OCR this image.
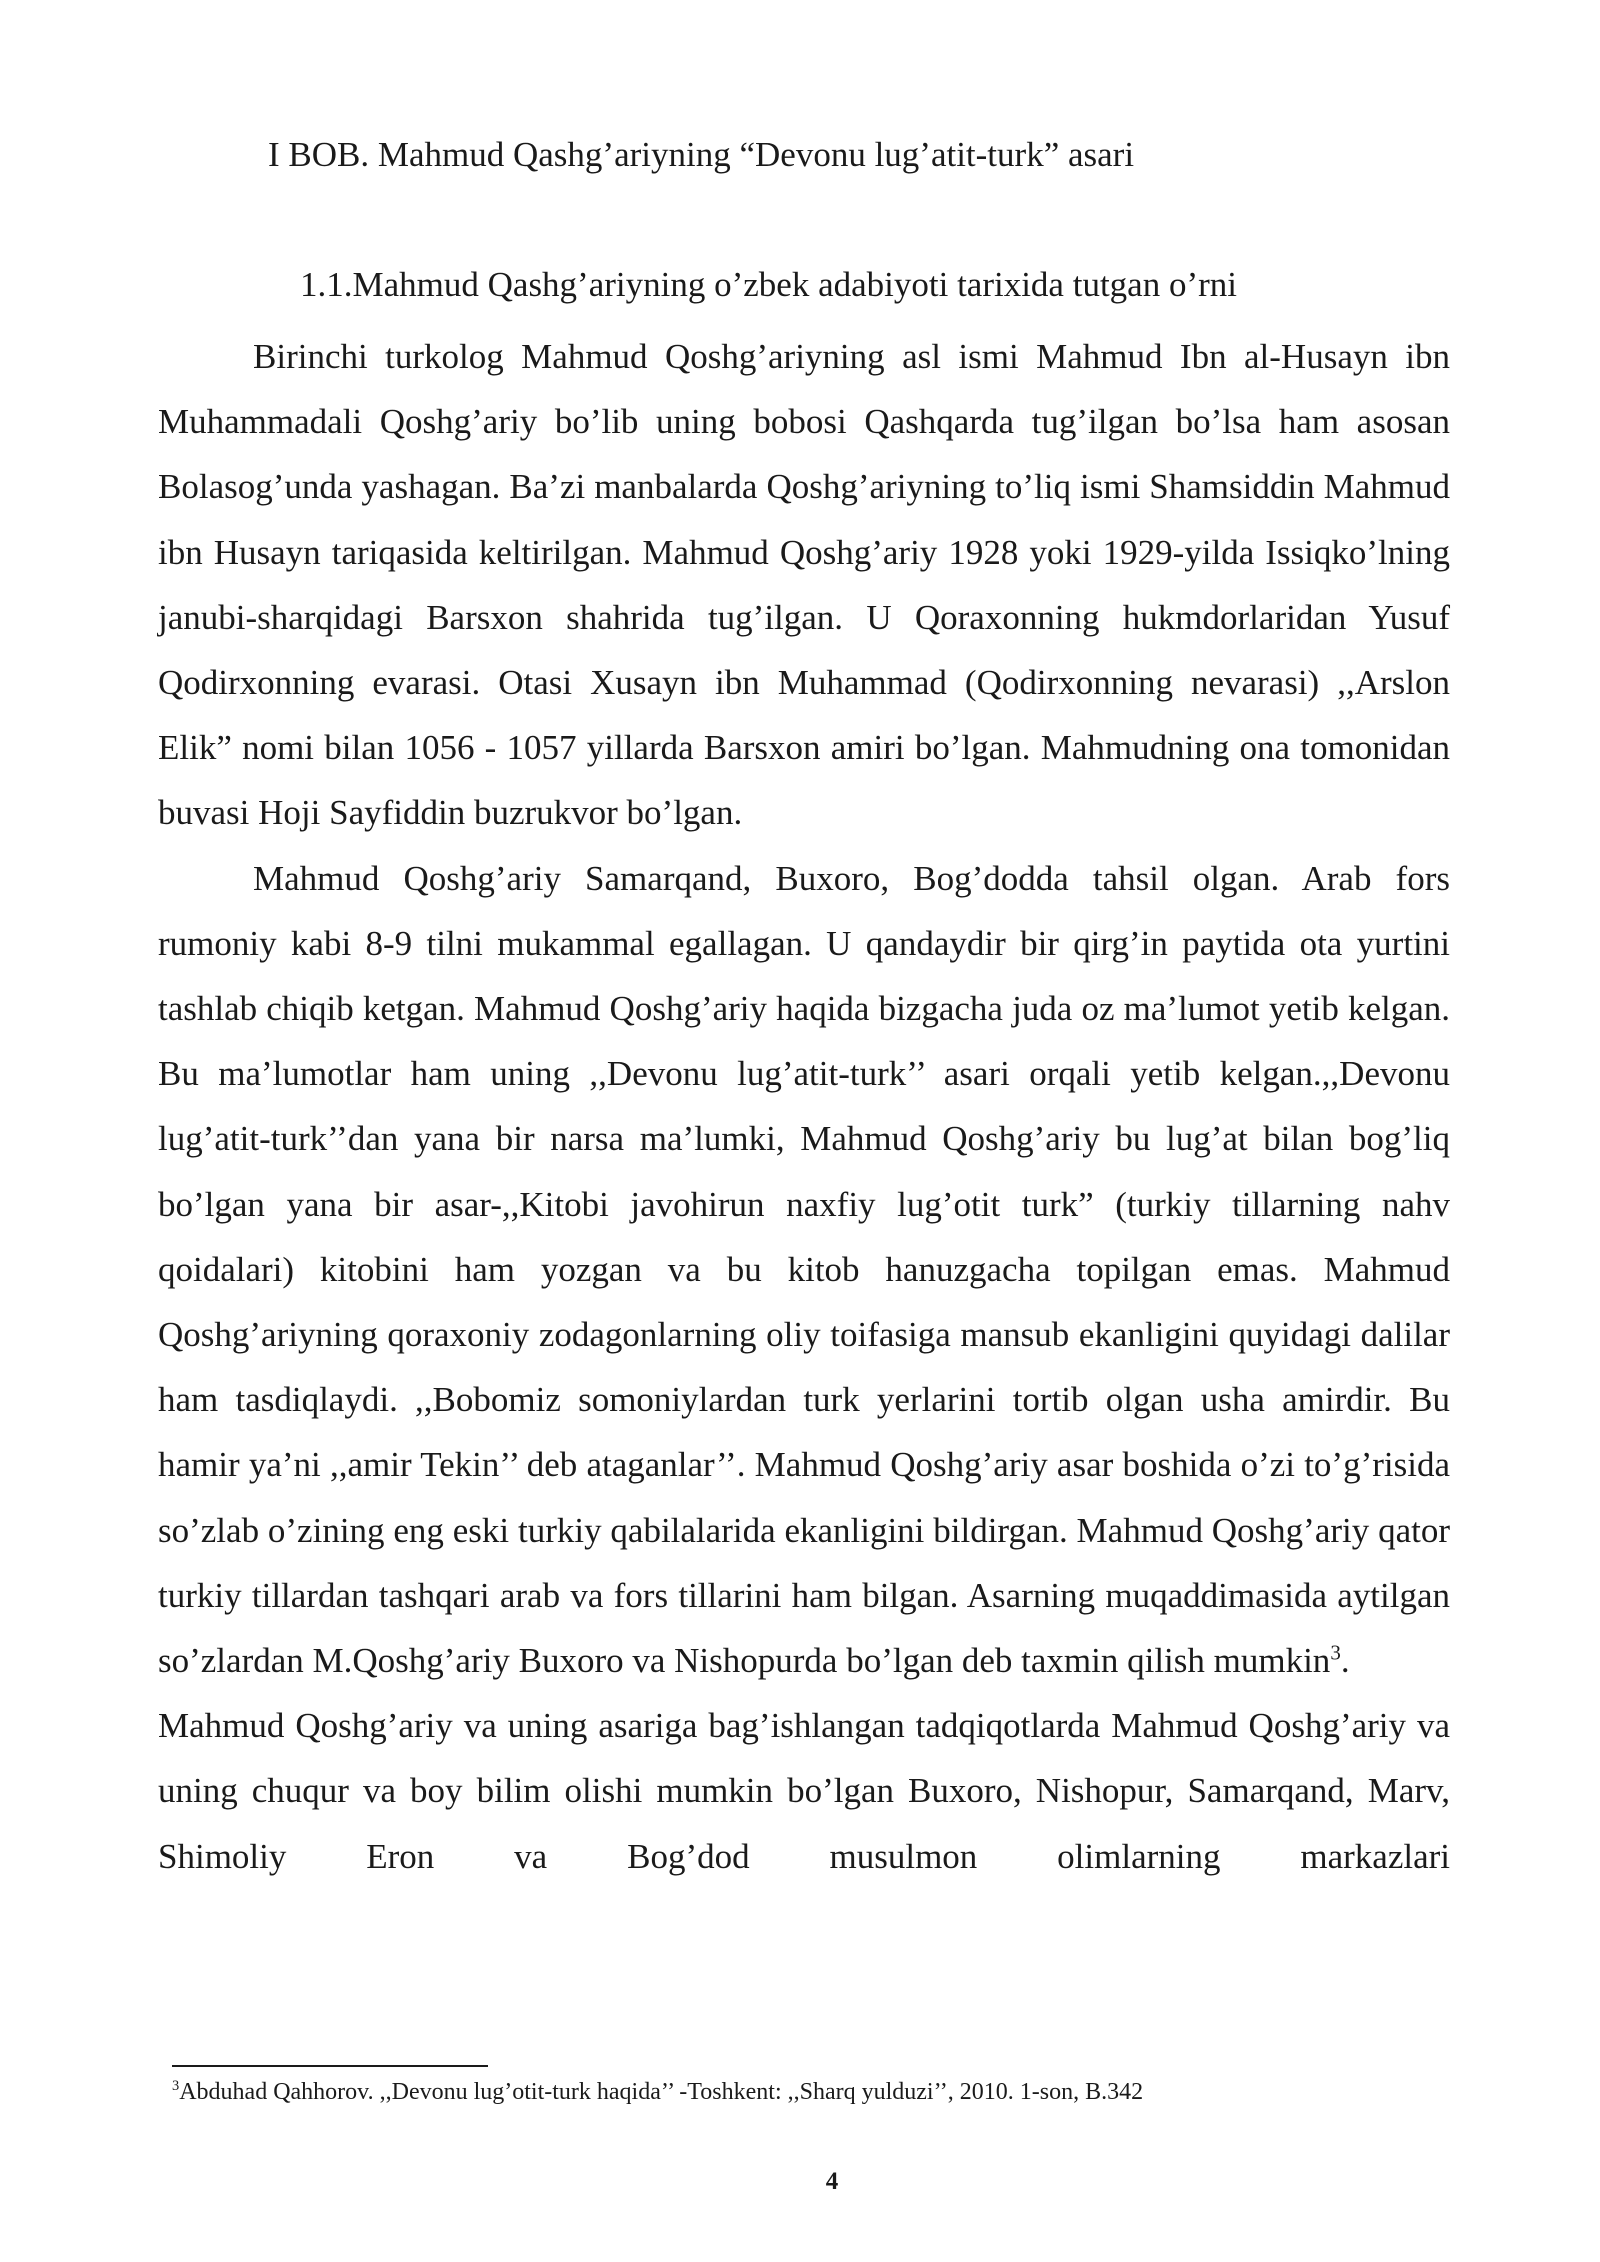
I BOB. Mahmud Qashg’ariyning “Devonu lug’atit-turk” asari
1.1.Mahmud Qashg’ariyning o’zbek adabiyoti tarixida tutgan o’rni

Birinchi turkolog Mahmud Qoshg’ariyning asl ismi Mahmud Ibn al-Husayn ibn Muhammadali Qoshg’ariy bo’lib uning bobosi Qashqarda tug’ilgan bo’lsa ham asosan Bolasog’unda yashagan. Ba’zi manbalarda Qoshg’ariyning to’liq ismi Shamsiddin Mahmud ibn Husayn tariqasida keltirilgan. Mahmud Qoshg’ariy 1928 yoki 1929-yilda Issiqko’lning janubi-sharqidagi Barsxon shahrida tug’ilgan. U Qoraxonning hukmdorlaridan Yusuf Qodirxonning evarasi. Otasi Xusayn ibn Muhammad (Qodirxonning nevarasi) ,,Arslon Elik” nomi bilan 1056 - 1057 yillarda Barsxon amiri bo’lgan. Mahmudning ona tomonidan buvasi Hoji Sayfiddin buzrukvor bo’lgan.

Mahmud Qoshg’ariy Samarqand, Buxoro, Bog’dodda tahsil olgan. Arab fors rumoniy kabi 8-9 tilni mukammal egallagan. U qandaydir bir qirg’in paytida ota yurtini tashlab chiqib ketgan. Mahmud Qoshg’ariy haqida bizgacha juda oz ma’lumot yetib kelgan. Bu ma’lumotlar ham uning ,,Devonu lug’atit-turk’’ asari orqali yetib kelgan.,,Devonu lug’atit-turk’’dan yana bir narsa ma’lumki, Mahmud Qoshg’ariy bu lug’at bilan bog’liq bo’lgan yana bir asar-,,Kitobi javohirun naxfiy lug’otit turk” (turkiy tillarning nahv qoidalari) kitobini ham yozgan va bu kitob hanuzgacha topilgan emas. Mahmud Qoshg’ariyning qoraxoniy zodagonlarning oliy toifasiga mansub ekanligini quyidagi dalilar ham tasdiqlaydi. ,,Bobomiz somoniylardan turk yerlarini tortib olgan usha amirdir. Bu hamir ya’ni ,,amir Tekin’’ deb ataganlar’’. Mahmud Qoshg’ariy asar boshida o’zi to’g’risida so’zlab o’zining eng eski turkiy qabilalarida ekanligini bildirgan. Mahmud Qoshg’ariy qator turkiy tillardan tashqari arab va fors tillarini ham bilgan. Asarning muqaddimasida aytilgan so’zlardan M.Qoshg’ariy Buxoro va Nishopurda bo’lgan deb taxmin qilish mumkin$^3$.

Mahmud Qoshg’ariy va uning asariga bag’ishlangan tadqiqotlarda Mahmud Qoshg’ariy va uning chuqur va boy bilim olishi mumkin bo’lgan Buxoro, Nishopur, Samarqand, Marv, Shimoliy Eron va Bog’dod musulmon olimlarning markazlari

$^3$Abduhad Qahhorov. ,,Devonu lug’otit-turk haqida’’ -Toshkent: ,,Sharq yulduzi’’, 2010. 1-son, B.342
4
